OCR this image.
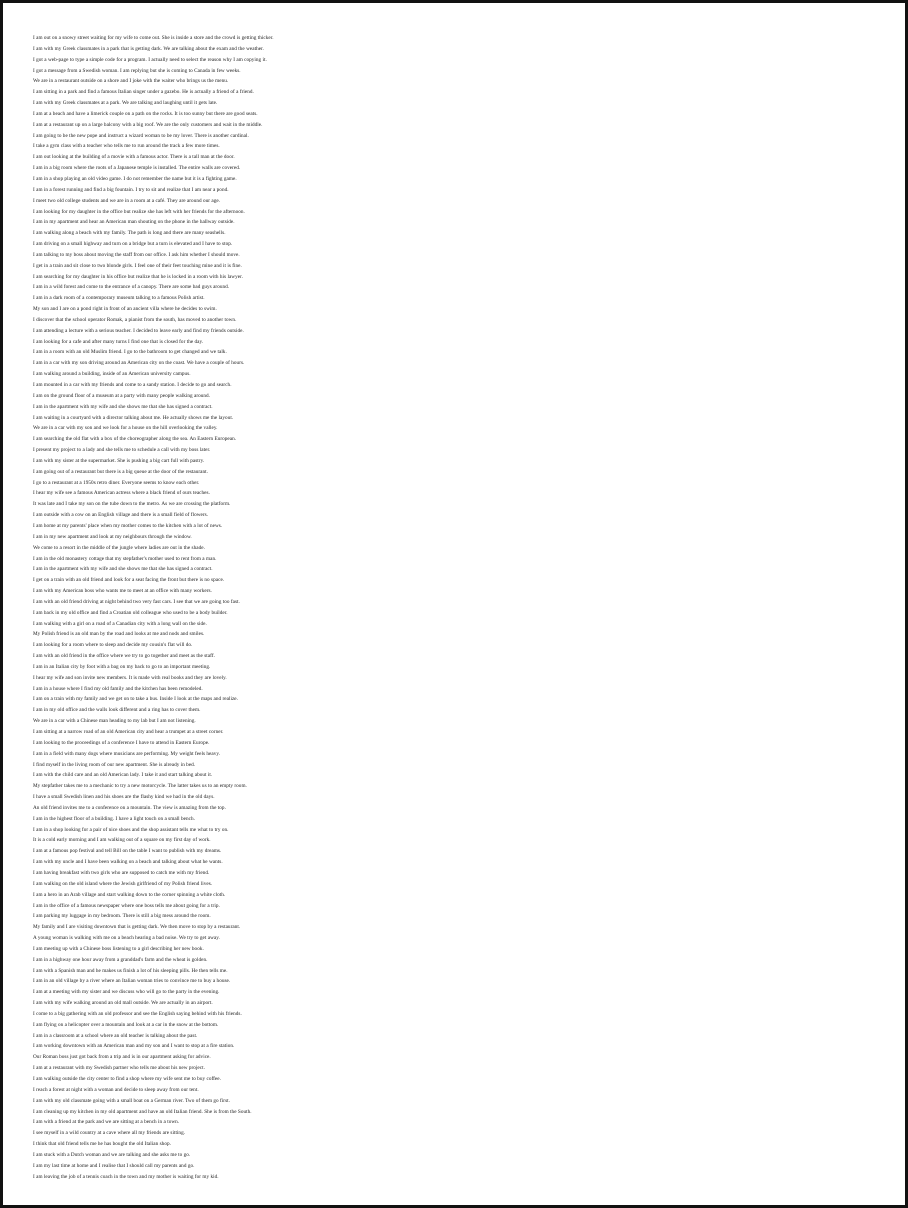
I am out on a snowy street waiting for my wife to come out. She is inside a store and the crowd is getting thicker.
I am with my Greek classmates in a park that is getting dark. We are talking about the exam and the weather.
I got a web-page to type a simple code for a program. I actually need to select the reason why I am copying it.
I got a message from a Swedish woman. I am replying but she is coming to Canada in few weeks.
We are in a restaurant outside on a shore and I joke with the waiter who brings us the menu.
I am sitting in a park and find a famous Italian singer under a gazebo. He is actually a friend of a friend.
I am with my Greek classmates at a park. We are talking and laughing until it gets late.
I am at a beach and have a limerick couple on a path on the rocks. It is too sunny but there are good seats.
I am at a restaurant up on a large balcony with a big roof. We are the only customers and wait in the middle.
I am going to be the new pope and instruct a wizard woman to be my lover. There is another cardinal.
I take a gym class with a teacher who tells me to run around the track a few more times.
I am out looking at the building of a movie with a famous actor. There is a tall man at the door.
I am in a big room where the roots of a Japanese temple is installed. The entire walls are covered.
I am in a shop playing an old video game. I do not remember the name but it is a fighting game.
I am in a forest running and find a big fountain. I try to sit and realize that I am near a pond.
I meet two old college students and we are in a room at a café. They are around our age.
I am looking for my daughter in the office but realize she has left with her friends for the afternoon.
I am in my apartment and hear an American man shouting on the phone in the hallway outside.
I am walking along a beach with my family. The path is long and there are many seashells.
I am driving on a small highway and turn on a bridge but a turn is elevated and I have to stop.
I am talking to my boss about moving the staff from our office. I ask him whether I should move.
I get in a train and sit close to two blonde girls. I feel one of their feet touching mine and it is fine.
I am searching for my daughter in his office but realize that he is locked in a room with his lawyer.
I am in a wild forest and come to the entrance of a canopy. There are some bad guys around.
I am in a dark room of a contemporary museum talking to a famous Polish artist.
My son and I are on a pond right in front of an ancient villa where he decides to swim.
I discover that the school operator Romak, a pianist from the south, has moved to another town.
I am attending a lecture with a serious teacher. I decided to leave early and find my friends outside.
I am looking for a cafe and after many turns I find one that is closed for the day.
I am in a room with an old Muslim friend. I go to the bathroom to get changed and we talk.
I am in a car with my son driving around an American city on the coast. We have a couple of hours.
I am walking around a building, inside of an American university campus.
I am mounted in a car with my friends and come to a sandy station. I decide to go and search.
I am on the ground floor of a museum at a party with many people walking around.
I am in the apartment with my wife and she shows me that she has signed a contract.
I am waiting in a courtyard with a director talking about me. He actually shows me the layout.
We are in a car with my son and we look for a house on the hill overlooking the valley.
I am searching the old flat with a box of the choreographer along the sea. An Eastern European.
I present my project to a lady and she tells me to schedule a call with my boss later.
I am with my sister at the supermarket. She is pushing a big cart full with pastry.
I am going out of a restaurant but there is a big queue at the door of the restaurant.
I go to a restaurant at a 1950s retro diner. Everyone seems to know each other.
I hear my wife see a famous American actress where a black friend of ours teaches.
It was late and I take my son on the tube down to the metro. As we are crossing the platform.
I am outside with a cow on an English village and there is a small field of flowers.
I am home at my parents' place when my mother comes to the kitchen with a lot of news.
I am in my new apartment and look at my neighbours through the window.
We come to a resort in the middle of the jungle where ladies are out in the shade.
I am in the old monastery cottage that my stepfather's mother used to rent from a man.
I am in the apartment with my wife and she shows me that she has signed a contract.
I get on a train with an old friend and look for a seat facing the front but there is no space.
I am with my American boss who wants me to meet at an office with many workers.
I am with an old friend driving at night behind two very fast cars. I see that we are going too fast.
I am back in my old office and find a Croatian old colleague who used to be a body builder.
I am walking with a girl on a road of a Canadian city with a long wall on the side.
My Polish friend is an old man by the road and looks at me and nods and smiles.
I am looking for a room where to sleep and decide my cousin's flat will do.
I am with an old friend in the office where we try to go together and meet as the staff.
I am in an Italian city by foot with a bag on my back to go to an important meeting.
I hear my wife and son invite new members. It is made with real books and they are lovely.
I am in a house where I find my old family and the kitchen has been remodeled.
I am on a train with my family and we get on to take a bus. Inside I look at the maps and realize.
I am in my old office and the walls look different and a ring has to cover them.
We are in a car with a Chinese man heading to my lab but I am not listening.
I am sitting at a narrow road of an old American city and hear a trumpet at a street corner.
I am looking to the proceedings of a conference I have to attend in Eastern Europe.
I am in a field with many dogs where musicians are performing. My weight feels heavy.
I find myself in the living room of our new apartment. She is already in bed.
I am with the child care and an old American lady. I take it and start talking about it.
My stepfather takes me to a mechanic to try a new motorcycle. The latter takes us to an empty room.
I have a small Swedish linen and his shoes are the flashy kind we had in the old days.
An old friend invites me to a conference on a mountain. The view is amazing from the top.
I am in the highest floor of a building. I have a light touch on a small bench.
I am in a shop looking for a pair of nice shoes and the shop assistant tells me what to try on.
It is a cold early morning and I am walking out of a square on my first day of work.
I am at a famous pop festival and tell Bill on the table I want to publish with my dreams.
I am with my uncle and I have been walking on a beach and talking about what he wants.
I am having breakfast with two girls who are supposed to catch me with my friend.
I am walking on the old island where the Jewish girlfriend of my Polish friend lives.
I am a hero in an Arab village and start walking down to the corner spinning a white cloth.
I am in the office of a famous newspaper where one boss tells me about going for a trip.
I am parking my luggage in my bedroom. There is still a big mess around the room.
My family and I are visiting downtown that is getting dark. We then move to stop by a restaurant.
A young woman is walking with me on a beach hearing a bad noise. We try to get away.
I am meeting up with a Chinese boss listening to a girl describing her new book.
I am in a highway one hour away from a granddad's farm and the wheat is golden.
I am with a Spanish man and he makes us finish a lot of his sleeping pills. He then tells me.
I am in an old village by a river where an Italian woman tries to convince me to buy a house.
I am at a meeting with my sister and we discuss who will go to the party in the evening.
I am with my wife walking around an old mall outside. We are actually in an airport.
I come to a big gathering with an old professor and see the English saying behind with his friends.
I am flying on a helicopter over a mountain and look at a car in the snow at the bottom.
I am in a classroom at a school where an old teacher is talking about the past.
I am working downtown with an American man and my son and I want to stop at a fire station.
Our Roman boss just got back from a trip and is in our apartment asking for advice.
I am at a restaurant with my Swedish partner who tells me about his new project.
I am walking outside the city center to find a shop where my wife sent me to buy coffee.
I reach a forest at night with a woman and decide to sleep away from our tent.
I am with my old classmate going with a small boat on a German river. Two of them go first.
I am cleaning up my kitchen in my old apartment and have an old Italian friend. She is from the South.
I am with a friend at the park and we are sitting at a bench in a town.
I see myself in a wild country at a cave where all my friends are sitting.
I think that old friend tells me he has bought the old Italian shop.
I am stuck with a Dutch woman and we are talking and she asks me to go.
I am my last time at home and I realise that I should call my parents and go.
I am leaving the job of a tennis coach in the town and my mother is waiting for my kid.
